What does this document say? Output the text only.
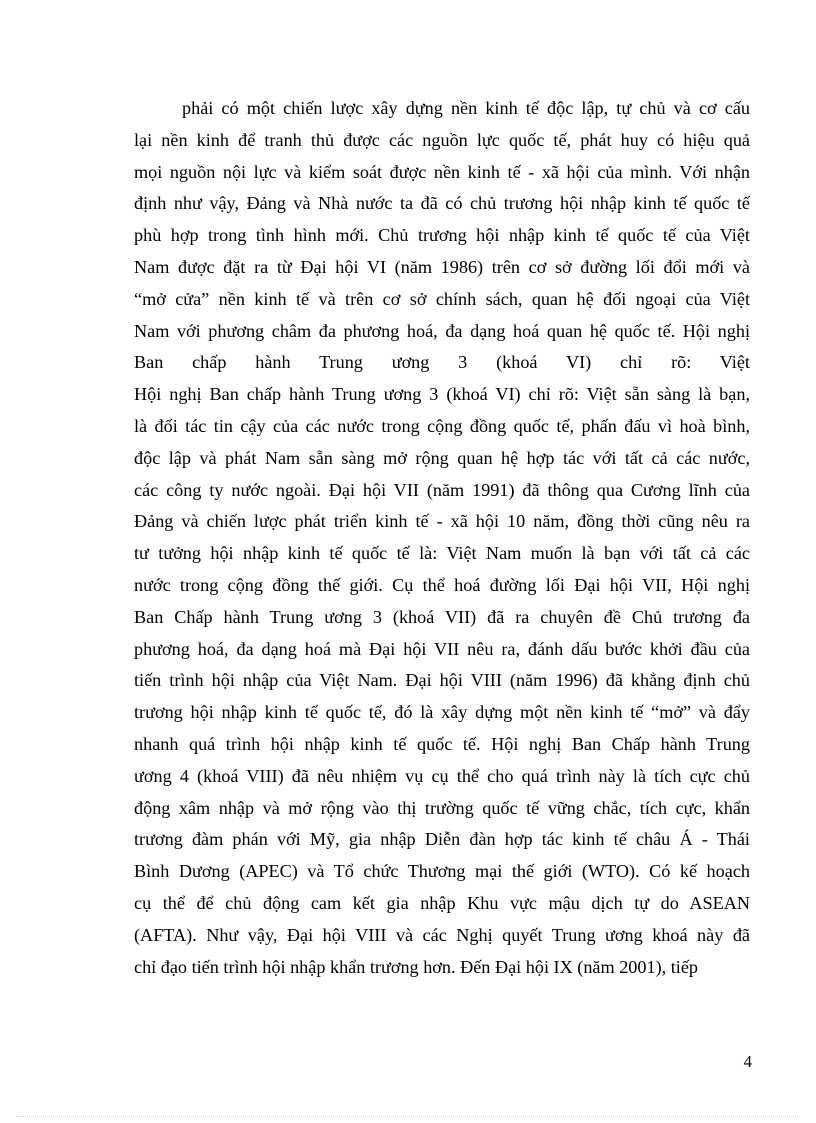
phải có một chiến lược xây dựng nền kinh tế độc lập, tự chủ và cơ cấu
lại nền kinh để tranh thủ được các nguồn lực quốc tế, phát huy có hiệu quả
mọi nguồn nội lực và kiểm soát được nền kinh tế - xã hội của mình. Với nhận
định như vậy, Đảng và Nhà nước ta đã có chủ trương hội nhập kinh tế quốc tế
phù hợp trong tình hình mới. Chủ trương hội nhập kinh tế quốc tế của Việt
Nam được đặt ra từ Đại hội VI (năm 1986) trên cơ sở đường lối đổi mới và
“mở cửa” nền kinh tế và trên cơ sở chính sách, quan hệ đối ngoại của Việt
Nam với phương châm đa phương hoá, đa dạng hoá quan hệ quốc tế. Hội nghị
Ban chấp hành Trung ương 3 (khoá VI) chỉ rõ: Việt
Hội nghị Ban chấp hành Trung ương 3 (khoá VI) chỉ rõ: Việt sẵn sàng là bạn,
là đối tác tin cậy của các nước trong cộng đồng quốc tế, phấn đấu vì hoà bình,
độc lập và phát Nam sẵn sàng mở rộng quan hệ hợp tác với tất cả các nước,
các công ty nước ngoài. Đại hội VII (năm 1991) đã thông qua Cương lĩnh của
Đảng và chiến lược phát triển kinh tế - xã hội 10 năm, đồng thời cũng nêu ra
tư tưởng hội nhập kinh tế quốc tế là: Việt Nam muốn là bạn với tất cả các
nước trong cộng đồng thế giới. Cụ thể hoá đường lối Đại hội VII, Hội nghị
Ban Chấp hành Trung ương 3 (khoá VII) đã ra chuyên đề Chủ trương đa
phương hoá, đa dạng hoá mà Đại hội VII nêu ra, đánh dấu bước khởi đầu của
tiến trình hội nhập của Việt Nam. Đại hội VIII (năm 1996) đã khẳng định chủ
trương hội nhập kinh tế quốc tế, đó là xây dựng một nền kinh tế “mở” và đẩy
nhanh quá trình hội nhập kinh tế quốc tế. Hội nghị Ban Chấp hành Trung
ương 4 (khoá VIII) đã nêu nhiệm vụ cụ thể cho quá trình này là tích cực chủ
động xâm nhập và mở rộng vào thị trường quốc tế vững chắc, tích cực, khẩn
trương đàm phán với Mỹ, gia nhập Diễn đàn hợp tác kinh tế châu Á - Thái
Bình Dương (APEC) và Tổ chức Thương mại thế giới (WTO). Có kế hoạch
cụ thể để chủ động cam kết gia nhập Khu vực mậu dịch tự do ASEAN
(AFTA). Như vậy, Đại hội VIII và các Nghị quyết Trung ương khoá này đã
chỉ đạo tiến trình hội nhập khẩn trương hơn. Đến Đại hội IX (năm 2001), tiếp
4
